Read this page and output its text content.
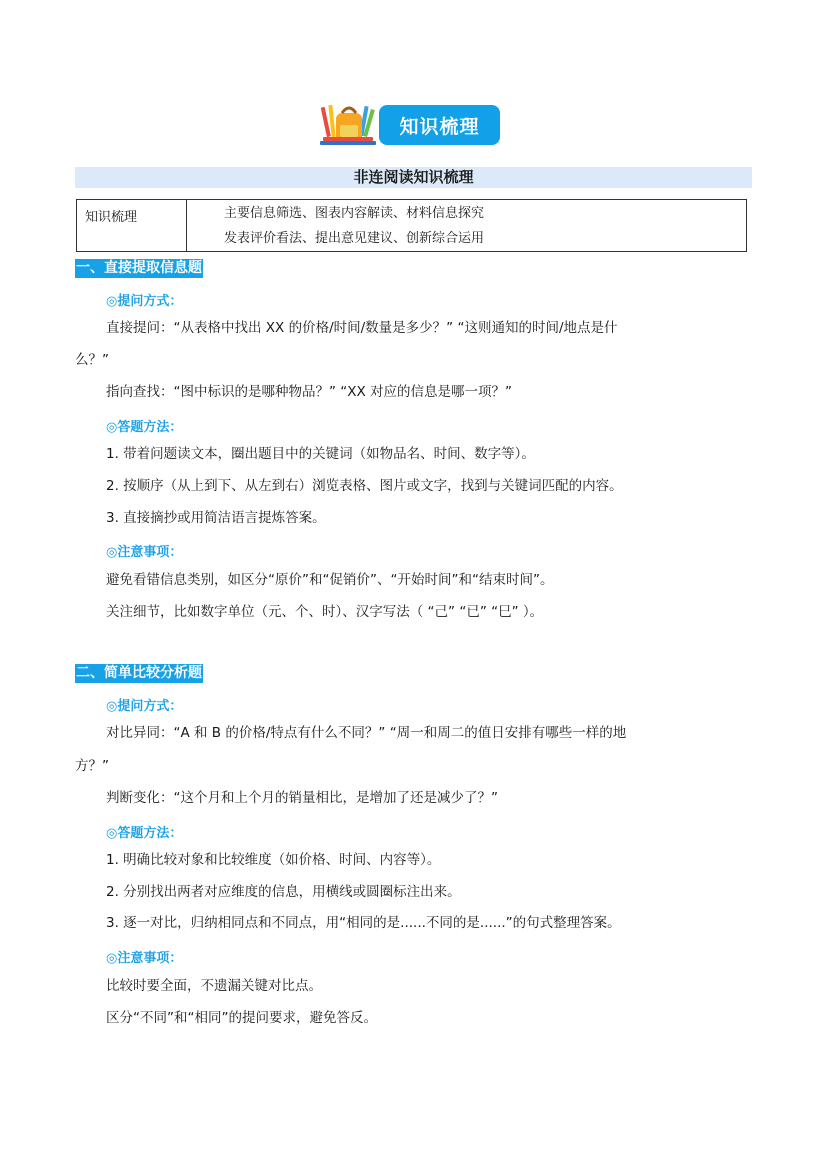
知识梳理
非连阅读知识梳理
知识梳理	主要信息筛选、图表内容解读、材料信息探究
发表评价看法、提出意见建议、创新综合运用
一、直接提取信息题
◎提问方式：
直接提问：“从表格中找出 XX 的价格/时间/数量是多少？” “这则通知的时间/地点是什
么？”
指向查找：“图中标识的是哪种物品？” “XX 对应的信息是哪一项？”
◎答题方法：
1. 带着问题读文本，圈出题目中的关键词（如物品名、时间、数字等）。
2. 按顺序（从上到下、从左到右）浏览表格、图片或文字，找到与关键词匹配的内容。
3. 直接摘抄或用简洁语言提炼答案。
◎注意事项：
避免看错信息类别，如区分“原价”和“促销价”、“开始时间”和“结束时间”。
关注细节，比如数字单位（元、个、时）、汉字写法（ “己” “已” “巳” ）。
二、简单比较分析题
◎提问方式：
对比异同：“A 和 B 的价格/特点有什么不同？” “周一和周二的值日安排有哪些一样的地
方？”
判断变化：“这个月和上个月的销量相比，是增加了还是减少了？”
◎答题方法：
1. 明确比较对象和比较维度（如价格、时间、内容等）。
2. 分别找出两者对应维度的信息，用横线或圆圈标注出来。
3. 逐一对比，归纳相同点和不同点，用“相同的是......不同的是......”的句式整理答案。
◎注意事项：
比较时要全面，不遗漏关键对比点。
区分“不同”和“相同”的提问要求，避免答反。
